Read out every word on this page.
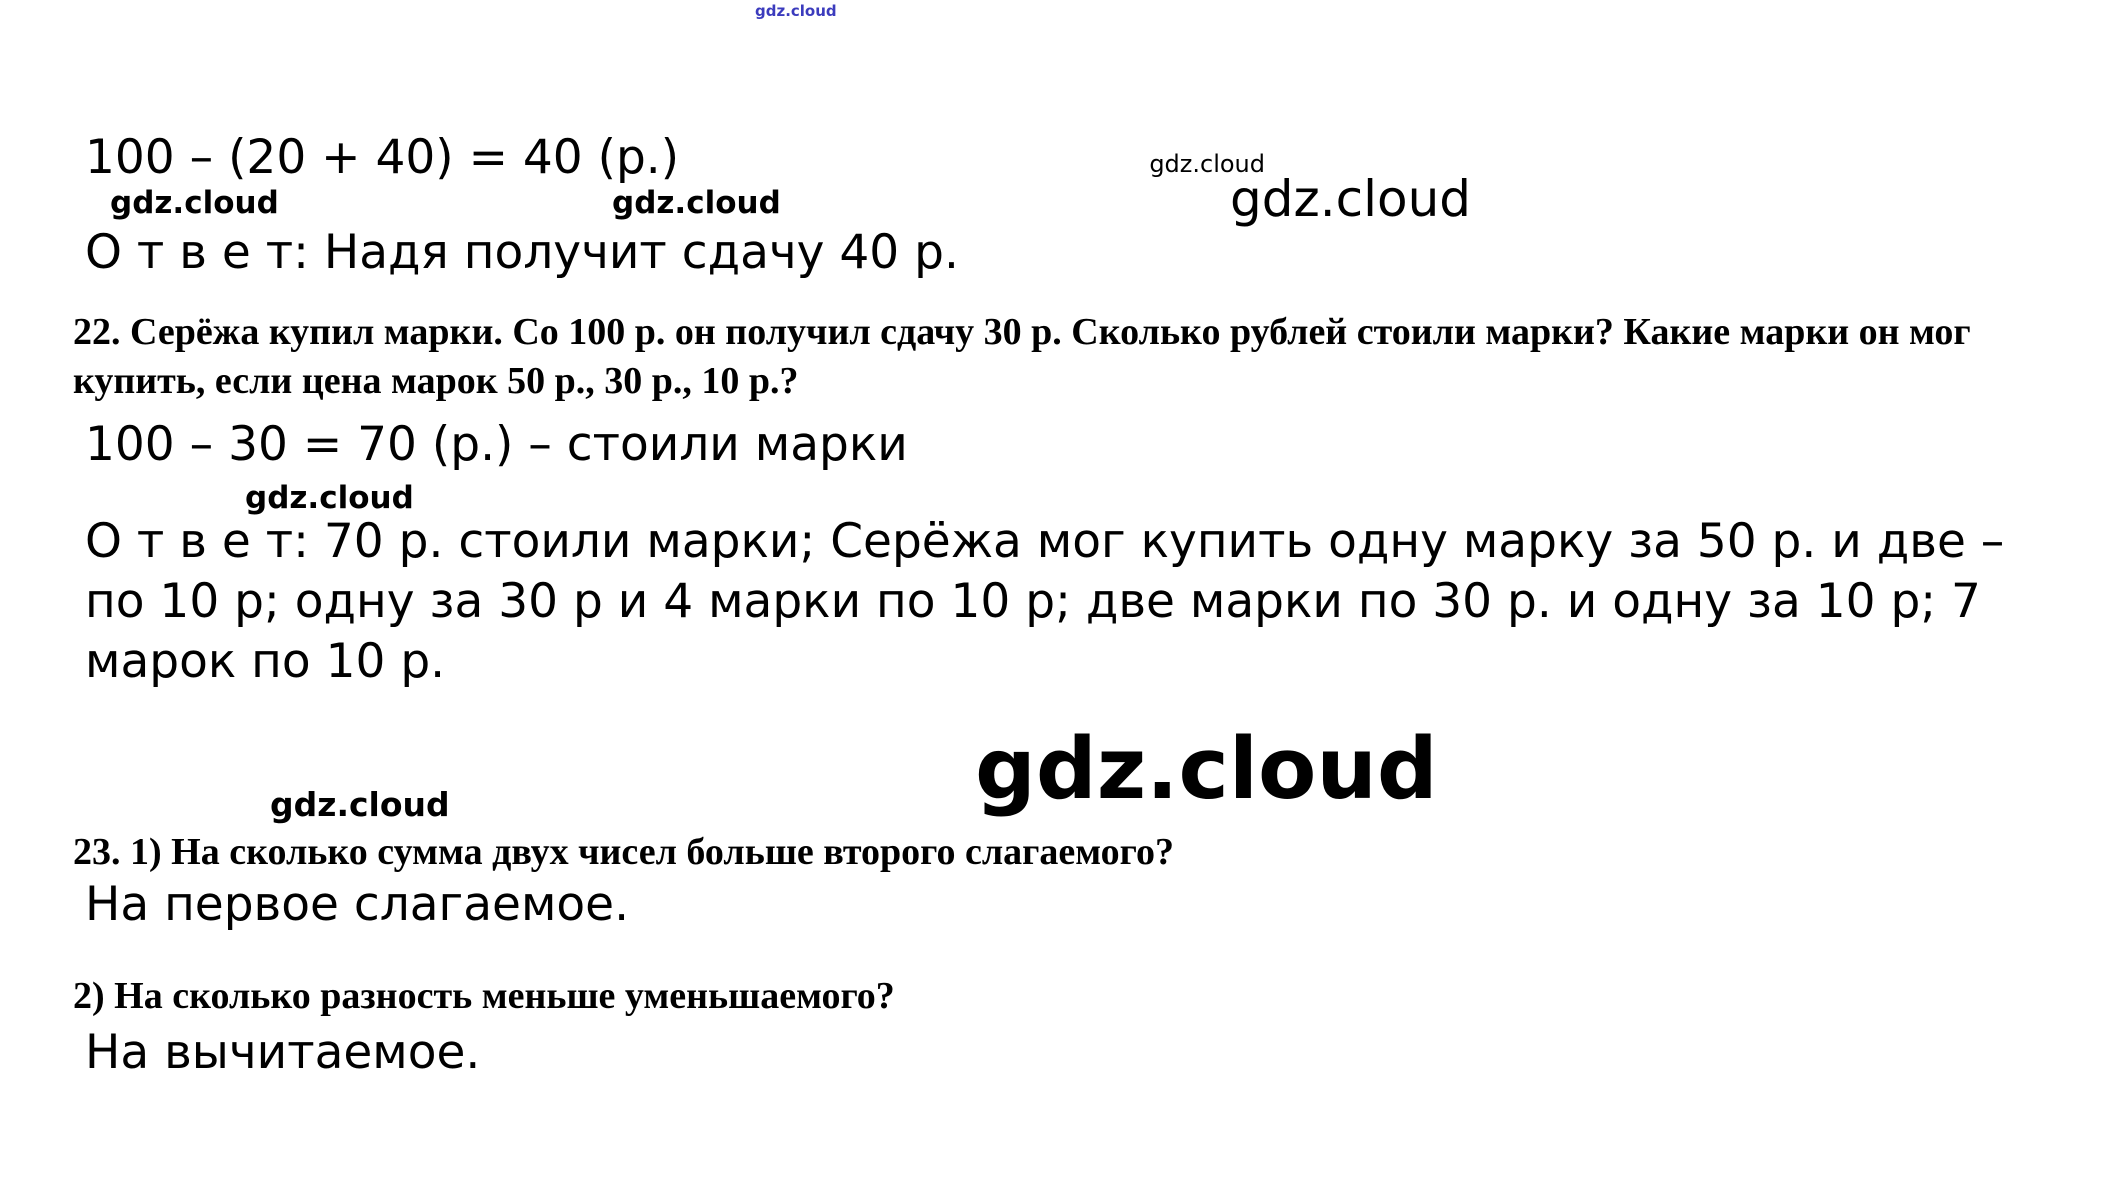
gdz.cloud
gdz.cloud
gdz.cloud
100 – (20 + 40) = 40 (р.)
О т в е т: Надя получит сдачу 40 р.
22. Серёжа купил марки. Со 100 р. он получил сдачу 30 р. Сколько рублей стоили марки? Какие марки он мог купить, если цена марок 50 р., 30 р., 10 р.?
100 – 30 = 70 (р.) – стоили марки
О т в е т: 70 р. стоили марки; Серёжа мог купить одну марку за 50 р. и две – по 10 р; одну за 30 р и 4 марки по 10 р; две марки по 30 р. и одну за 10 р; 7 марок по 10 р.
23. 1) На сколько сумма двух чисел больше второго слагаемого?
На первое слагаемое.
2) На сколько разность меньше уменьшаемого?
На вычитаемое.
gdz.cloud	gdz.cloud
gdz.cloud
gdz.cloud	gdz.cloud
